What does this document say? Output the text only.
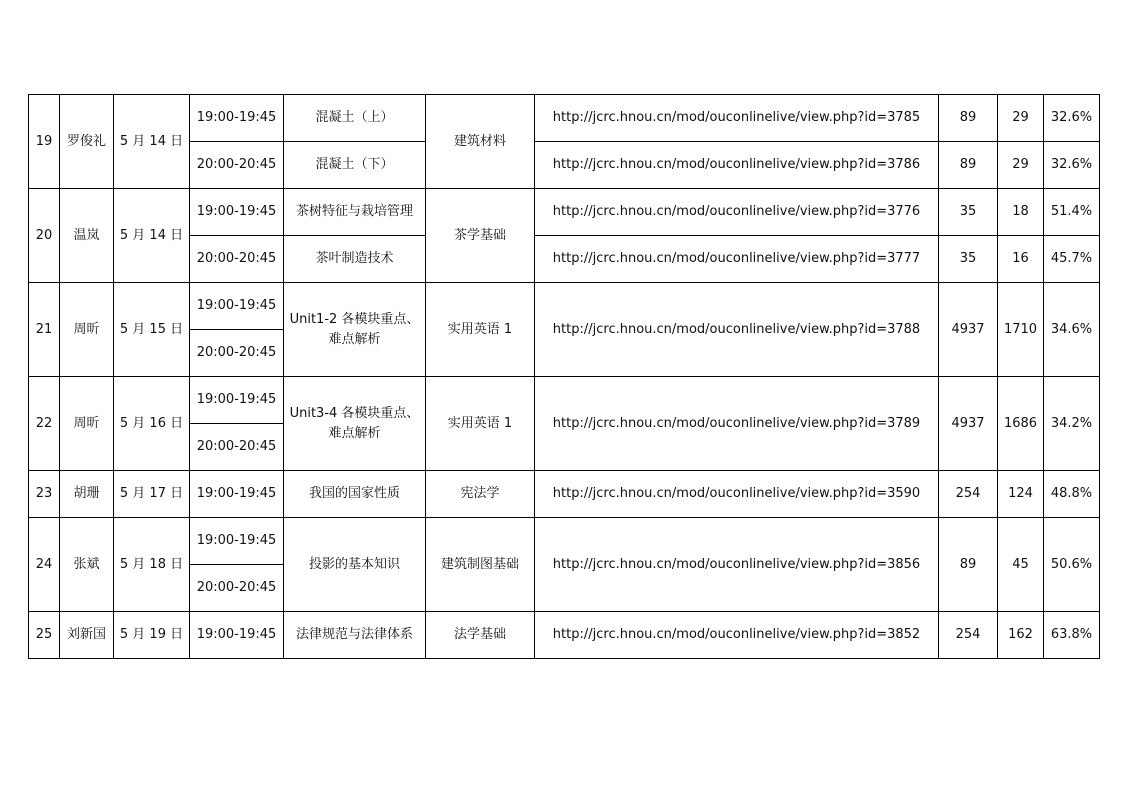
19	罗俊礼	5 月 14 日	19:00-19:45	混凝土（上）	建筑材料	http://jcrc.hnou.cn/mod/ouconlinelive/view.php?id=3785	89	29	32.6%
			20:00-20:45	混凝土（下）		http://jcrc.hnou.cn/mod/ouconlinelive/view.php?id=3786	89	29	32.6%
20	温岚	5 月 14 日	19:00-19:45	茶树特征与栽培管理	茶学基础	http://jcrc.hnou.cn/mod/ouconlinelive/view.php?id=3776	35	18	51.4%
			20:00-20:45	茶叶制造技术		http://jcrc.hnou.cn/mod/ouconlinelive/view.php?id=3777	35	16	45.7%
21	周昕	5 月 15 日	19:00-19:45	Unit1-2 各模块重点、难点解析	实用英语 1	http://jcrc.hnou.cn/mod/ouconlinelive/view.php?id=3788	4937	1710	34.6%
			20:00-20:45						
22	周昕	5 月 16 日	19:00-19:45	Unit3-4 各模块重点、难点解析	实用英语 1	http://jcrc.hnou.cn/mod/ouconlinelive/view.php?id=3789	4937	1686	34.2%
			20:00-20:45						
23	胡珊	5 月 17 日	19:00-19:45	我国的国家性质	宪法学	http://jcrc.hnou.cn/mod/ouconlinelive/view.php?id=3590	254	124	48.8%
24	张斌	5 月 18 日	19:00-19:45	投影的基本知识	建筑制图基础	http://jcrc.hnou.cn/mod/ouconlinelive/view.php?id=3856	89	45	50.6%
			20:00-20:45						
25	刘新国	5 月 19 日	19:00-19:45	法律规范与法律体系	法学基础	http://jcrc.hnou.cn/mod/ouconlinelive/view.php?id=3852	254	162	63.8%
